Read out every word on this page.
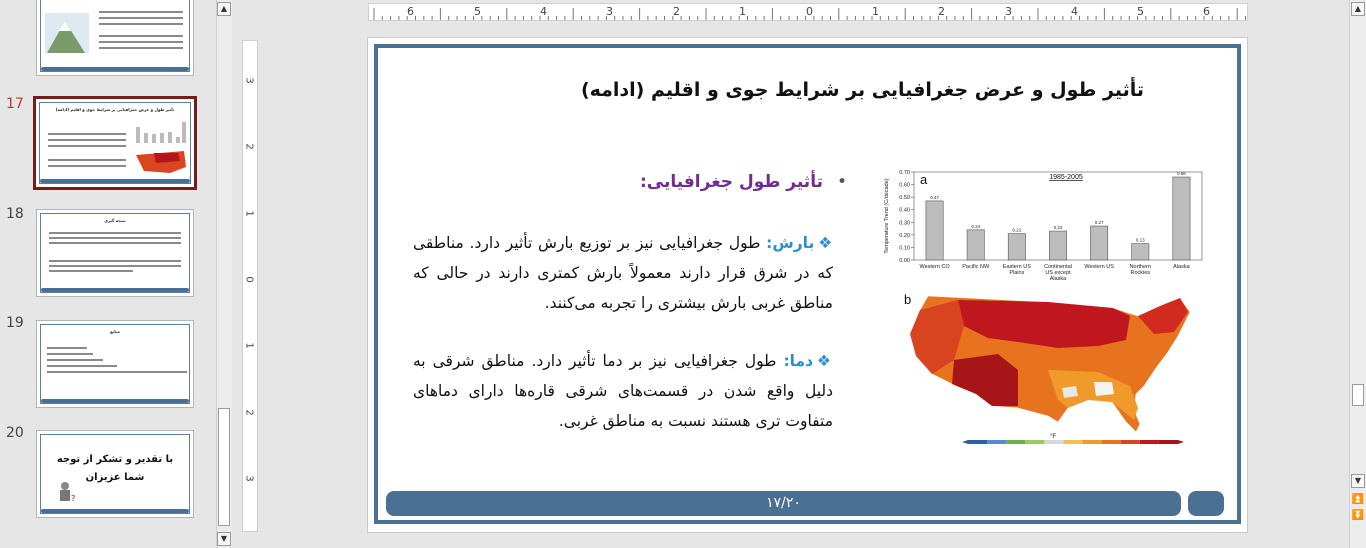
17	تأثیر طول و عرض جغرافیایی بر شرایط جوی و اقلیم (ادامه)
18	نتیجه گیری
19
منابع
20
با تقدیر و تشکر از توجه شما عزیزان
?
▲
▼
6	5	4	3	2	1	0	1	2	3	4	5	6
3
2
1
0
1
2
3
تأثیر طول و عرض جغرافیایی بر شرایط جوی و اقلیم (ادامه)
•تأثیر طول جغرافیایی:
❖بارش: طول جغرافیایی نیز بر توزیع بارش تأثیر دارد. مناطقی که در شرق قرار دارند معمولاً بارش کمتری دارند در حالی که مناطق غربی بارش بیشتری را تجربه می‌کنند.
❖دما: طول جغرافیایی نیز بر دما تأثیر دارد. مناطق شرقی به دلیل واقع شدن در قسمت‌های شرقی قاره‌ها دارای دماهای متفاوت تری هستند نسبت به مناطق غربی.
0.00
0.10
0.20
0.30
0.40
0.50
0.60
0.70
Temperature Trend (C/decade) a	1985-2005
0.47
Western CO
0.24
Pacific NW
0.21
Eastern US Plains
0.23
Continental US except Alaska
0.27
Western US
0.13
Northern Rockies
0.66
Alaska
b
°F
۱۷/۲۰
▲
▼
⏫
⏬
